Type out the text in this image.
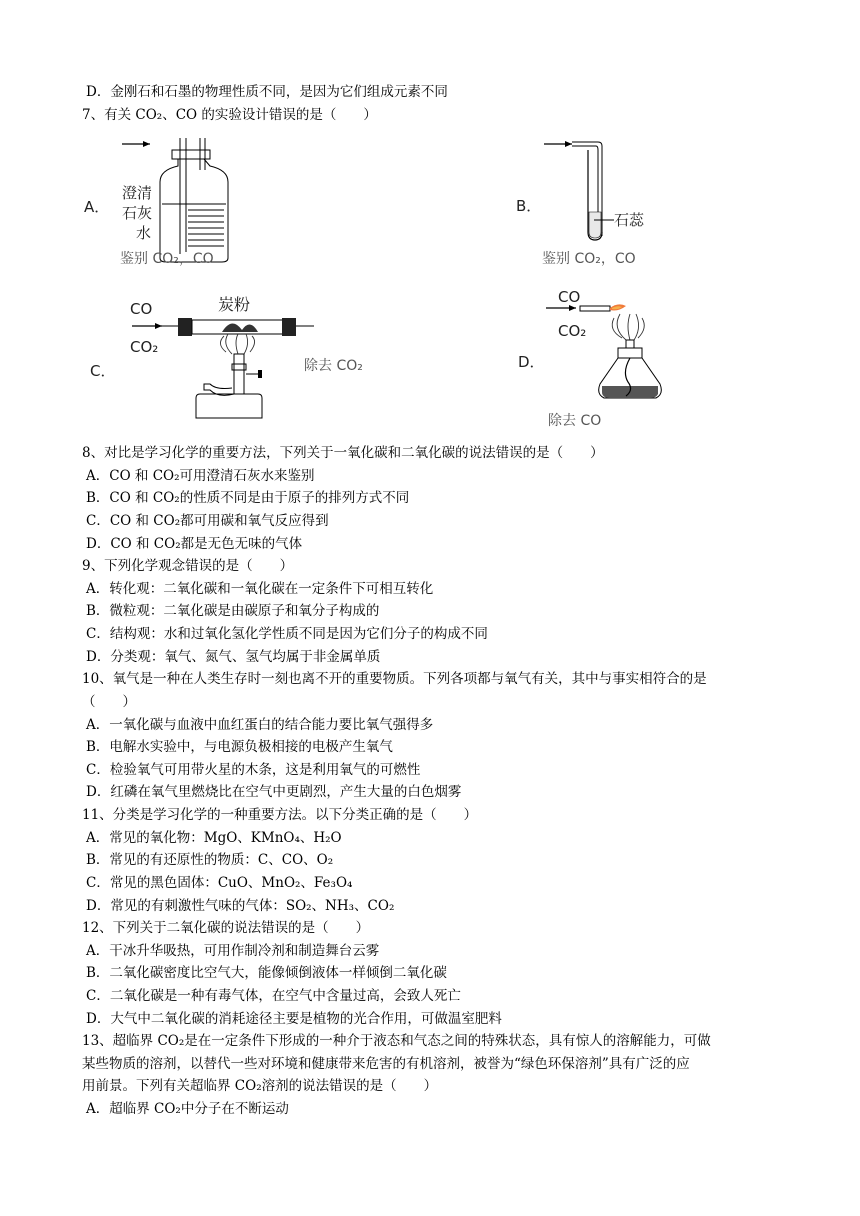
D．金刚石和石墨的物理性质不同，是因为它们组成元素不同
7、有关 CO₂、CO 的实验设计错误的是（　　）
A．
澄清
石灰
水
鉴别 CO₂，CO
B．
石蕊
鉴别 CO₂，CO
C．
CO
CO₂
炭粉
除去 CO₂	D．
CO
CO₂
除去 CO
8、对比是学习化学的重要方法，下列关于一氧化碳和二氧化碳的说法错误的是（　　）
A．CO 和 CO₂可用澄清石灰水来鉴别
B．CO 和 CO₂的性质不同是由于原子的排列方式不同
C．CO 和 CO₂都可用碳和氧气反应得到
D．CO 和 CO₂都是无色无味的气体
9、下列化学观念错误的是（　　）
A．转化观：二氧化碳和一氧化碳在一定条件下可相互转化
B．微粒观：二氧化碳是由碳原子和氧分子构成的
C．结构观：水和过氧化氢化学性质不同是因为它们分子的构成不同
D．分类观：氧气、氮气、氢气均属于非金属单质
10、氧气是一种在人类生存时一刻也离不开的重要物质。下列各项都与氧气有关，其中与事实相符合的是
（　　）
A．一氧化碳与血液中血红蛋白的结合能力要比氧气强得多
B．电解水实验中，与电源负极相接的电极产生氧气
C．检验氧气可用带火星的木条，这是利用氧气的可燃性
D．红磷在氧气里燃烧比在空气中更剧烈，产生大量的白色烟雾
11、分类是学习化学的一种重要方法。以下分类正确的是（　　）
A．常见的氧化物：MgO、KMnO₄、H₂O
B．常见的有还原性的物质：C、CO、O₂
C．常见的黑色固体：CuO、MnO₂、Fe₃O₄
D．常见的有刺激性气味的气体：SO₂、NH₃、CO₂
12、下列关于二氧化碳的说法错误的是（　　）
A．干冰升华吸热，可用作制冷剂和制造舞台云雾
B．二氧化碳密度比空气大，能像倾倒液体一样倾倒二氧化碳
C．二氧化碳是一种有毒气体，在空气中含量过高，会致人死亡
D．大气中二氧化碳的消耗途径主要是植物的光合作用，可做温室肥料
13、超临界 CO₂是在一定条件下形成的一种介于液态和气态之间的特殊状态，具有惊人的溶解能力，可做
某些物质的溶剂，以替代一些对环境和健康带来危害的有机溶剂，被誉为“绿色环保溶剂”具有广泛的应
用前景。下列有关超临界 CO₂溶剂的说法错误的是（　　）
A．超临界 CO₂中分子在不断运动
